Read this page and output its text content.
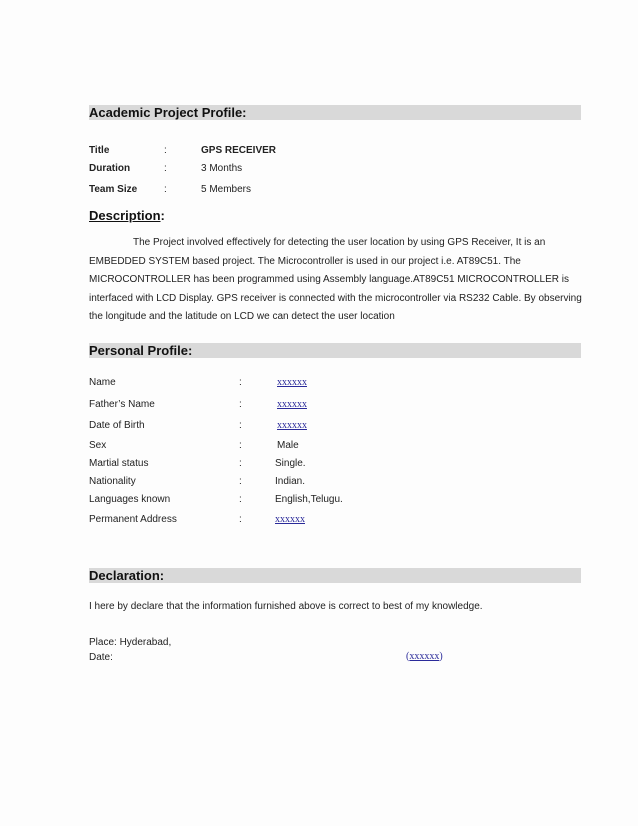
Academic Project Profile:
Title	:	GPS RECEIVER
Duration	:	3 Months
Team Size	:	5 Members
Description:

The Project involved effectively for detecting the user location by using GPS Receiver, It is an EMBEDDED SYSTEM based project. The Microcontroller is used in our project i.e. AT89C51. The MICROCONTROLLER has been programmed using Assembly language.AT89C51 MICROCONTROLLER is interfaced with LCD Display. GPS receiver is connected with the microcontroller via RS232 Cable. By observing the longitude and the latitude on LCD we can detect the user location

Personal Profile:
Name	:	xxxxxx
Father’s Name	:	xxxxxx
Date of Birth	:	xxxxxx
Sex	:	Male
Martial status	:	Single.
Nationality	:	Indian.
Languages known	:	English,Telugu.
Permanent Address	:	xxxxxx
Declaration:
I here by declare that the information furnished above is correct to best of my knowledge.
Place: Hyderabad,
Date:	(xxxxxx)
